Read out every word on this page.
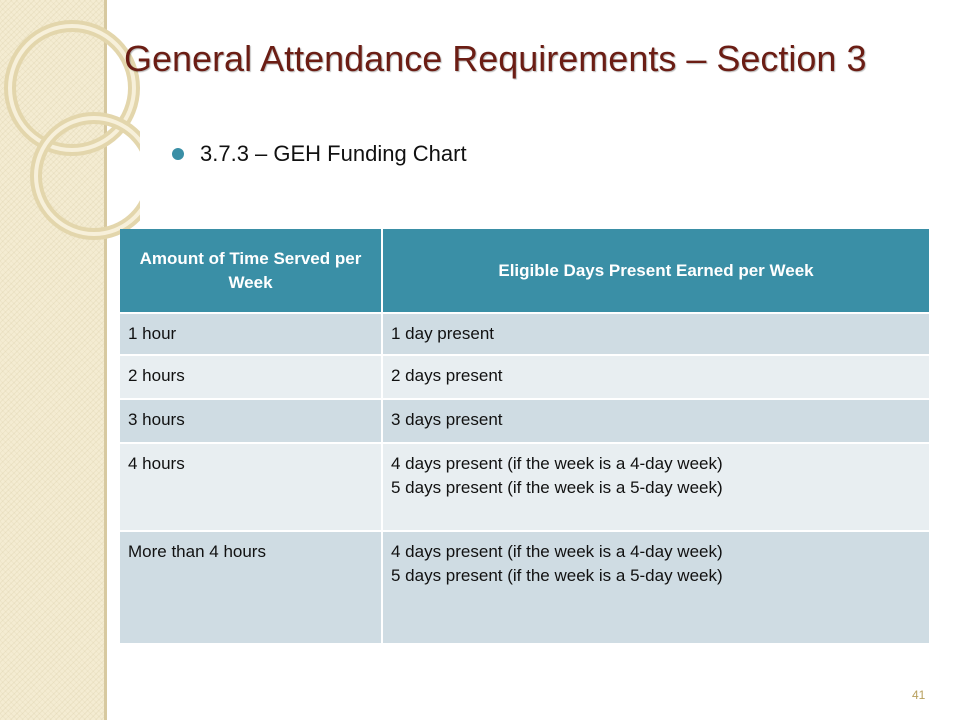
General Attendance Requirements – Section 3
3.7.3 – GEH Funding Chart
Amount of Time Served per Week	Eligible Days Present Earned per Week
1 hour	1 day present

2 hours	2 days present

3 hours	3 days present

4 hours	4 days present (if the week is a 4-day week)
5 days present (if the week is a 5-day week)

More than 4 hours	4 days present (if the week is a 4-day week)
5 days present (if the week is a 5-day week)
41
